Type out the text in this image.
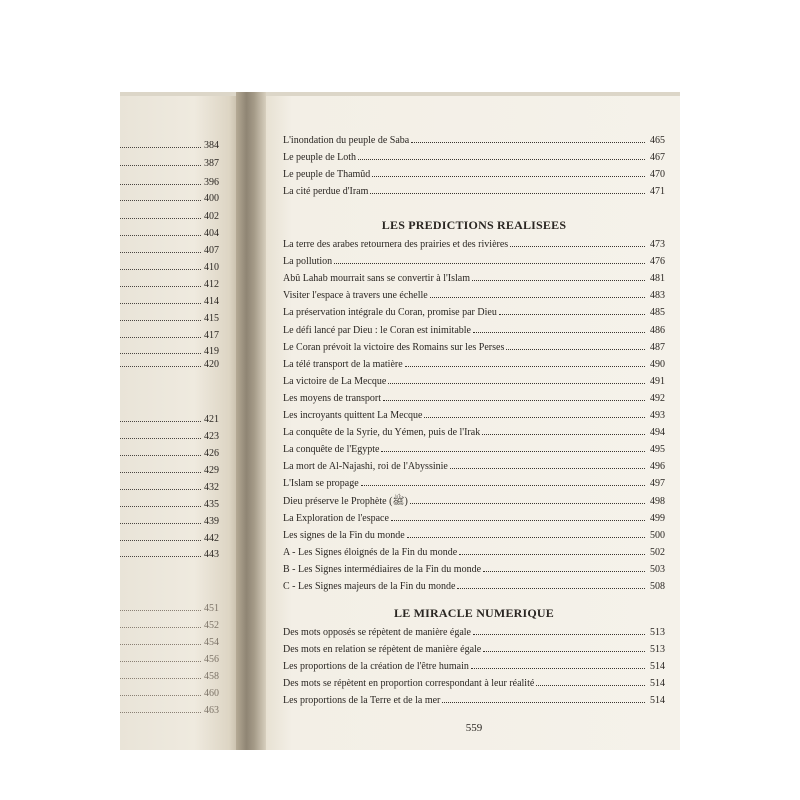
384
387
396
400
402
404
407
410
412
414
415
417
419
420
421
423
426
429
432
435
439
442
443
451
452
454
456
458
460
463
L'inondation du peuple de Saba	465
Le peuple de Loth	467
Le peuple de Thamûd	470
La cité perdue d'Iram	471
La terre des arabes retournera des prairies et des rivières	473
La pollution	476
Abû Lahab mourrait sans se convertir à l'Islam	481
Visiter l'espace à travers une échelle	483
La préservation intégrale du Coran, promise par Dieu	485
Le défi lancé par Dieu : le Coran est inimitable	486
Le Coran prévoit la victoire des Romains sur les Perses	487
La télé transport de la matière	490
La victoire de La Mecque	491
Les moyens de transport	492
Les incroyants quittent La Mecque	493
La conquête de la Syrie, du Yémen, puis de l'Irak	494
La conquête de l'Egypte	495
La mort de Al-Najashi, roi de l'Abyssinie	496
L'Islam se propage	497
Dieu préserve le Prophète (ﷺ)	498
La Exploration de l'espace	499
Les signes de la Fin du monde	500
A - Les Signes éloignés de la Fin du monde	502
B - Les Signes intermédiaires de la Fin du monde	503
C - Les Signes majeurs de la Fin du monde	508
Des mots opposés se répètent de manière égale	513
Des mots en relation se répètent de manière égale	513
Les proportions de la création de l'être humain	514
Des mots se répètent en proportion correspondant à leur réalité	514
Les proportions de la Terre et de la mer	514
LES PREDICTIONS REALISEES
LE MIRACLE NUMERIQUE
559
